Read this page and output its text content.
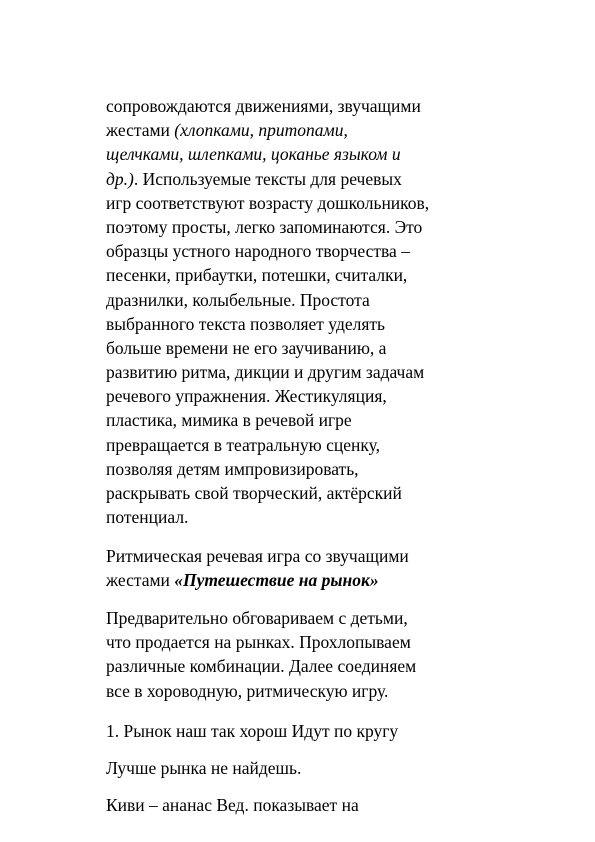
сопровождаются движениями, звучащими
жестами (хлопками, притопами,
щелчками, шлепками, цоканье языком и
др.). Используемые тексты для речевых
игр соответствуют возрасту дошкольников,
поэтому просты, легко запоминаются. Это
образцы устного народного творчества –
песенки, прибаутки, потешки, считалки,
дразнилки, колыбельные. Простота
выбранного текста позволяет уделять
больше времени не его заучиванию, а
развитию ритма, дикции и другим задачам
речевого упражнения. Жестикуляция,
пластика, мимика в речевой игре
превращается в театральную сценку,
позволяя детям импровизировать,
раскрывать свой творческий, актёрский
потенциал.
Ритмическая речевая игра со звучащими
жестами «Путешествие на рынок»
Предварительно обговариваем с детьми,
что продается на рынках. Прохлопываем
различные комбинации. Далее соединяем
все в хороводную, ритмическую игру.
1. Рынок наш так хорош Идут по кругу
Лучше рынка не найдешь.
Киви – ананас Вед. показывает на
